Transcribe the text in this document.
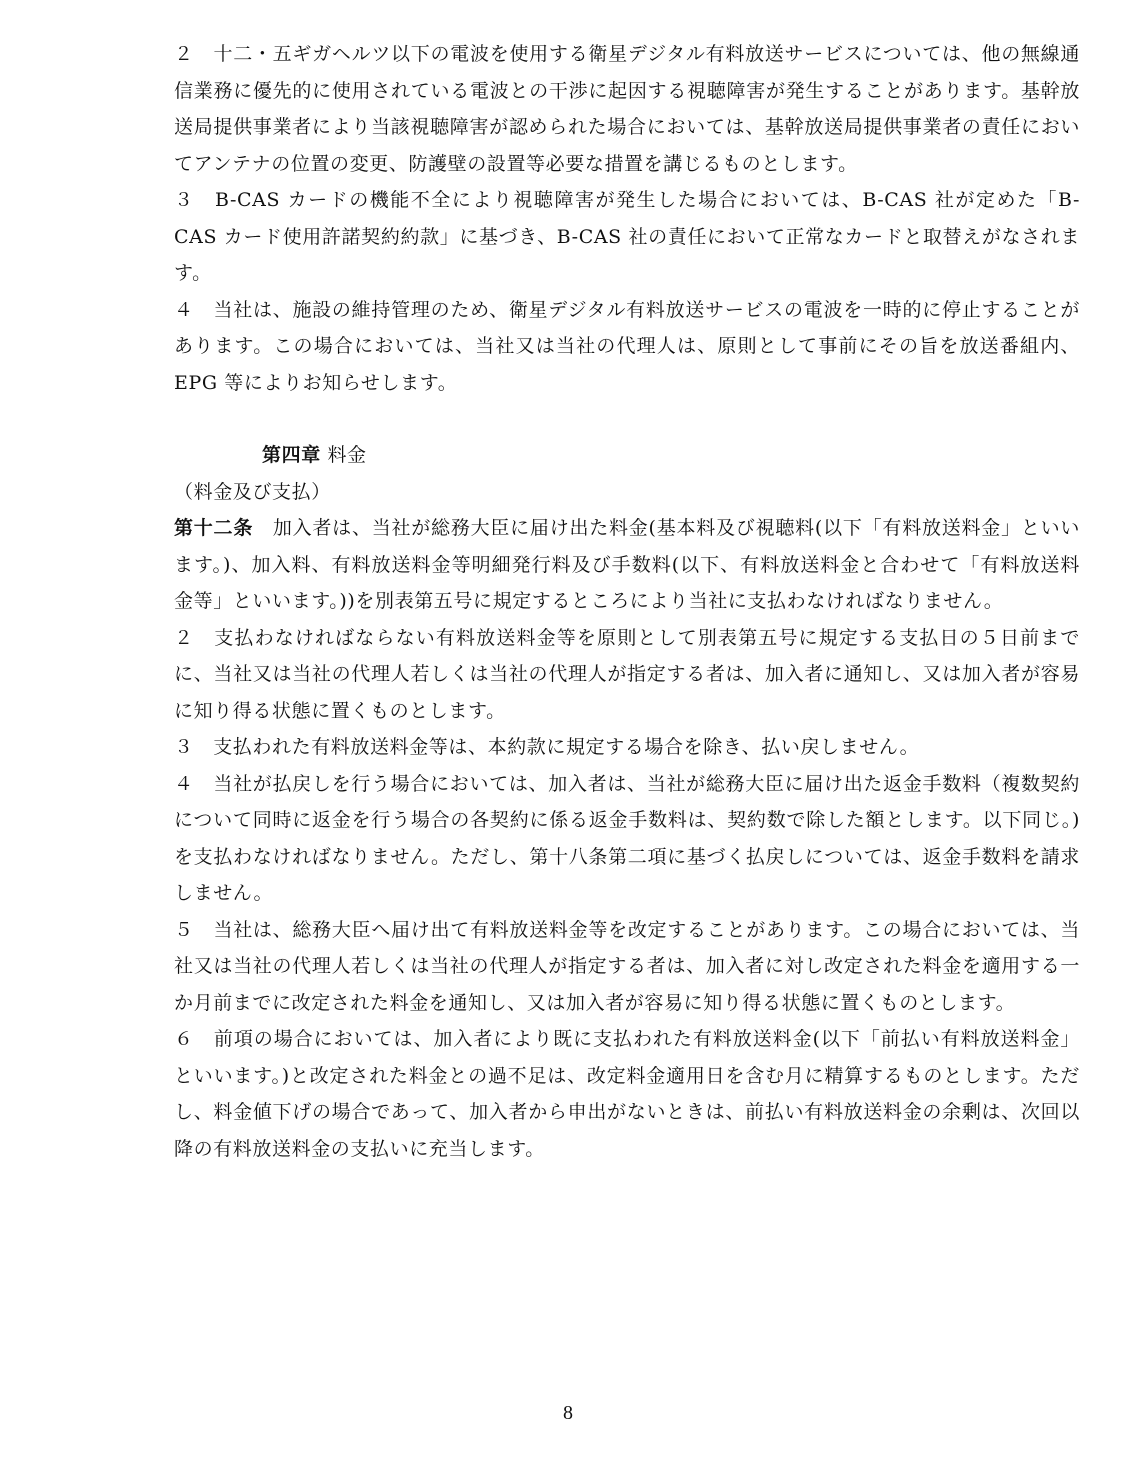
２　十二・五ギガヘルツ以下の電波を使用する衛星デジタル有料放送サービスについては、他の無線通信業務に優先的に使用されている電波との干渉に起因する視聴障害が発生することがあります。基幹放送局提供事業者により当該視聴障害が認められた場合においては、基幹放送局提供事業者の責任においてアンテナの位置の変更、防護壁の設置等必要な措置を講じるものとします。

３　B-CAS カードの機能不全により視聴障害が発生した場合においては、B-CAS 社が定めた「B-CAS カード使用許諾契約約款」に基づき、B-CAS 社の責任において正常なカードと取替えがなされます。

４　当社は、施設の維持管理のため、衛星デジタル有料放送サービスの電波を一時的に停止することがあります。この場合においては、当社又は当社の代理人は、原則として事前にその旨を放送番組内、EPG 等によりお知らせします。

第四章 料金

（料金及び支払）

第十二条　加入者は、当社が総務大臣に届け出た料金(基本料及び視聴料(以下「有料放送料金」といいます。)、加入料、有料放送料金等明細発行料及び手数料(以下、有料放送料金と合わせて「有料放送料金等」といいます。))を別表第五号に規定するところにより当社に支払わなければなりません。

２　支払わなければならない有料放送料金等を原則として別表第五号に規定する支払日の５日前までに、当社又は当社の代理人若しくは当社の代理人が指定する者は、加入者に通知し、又は加入者が容易に知り得る状態に置くものとします。

３　支払われた有料放送料金等は、本約款に規定する場合を除き、払い戻しません。

４　当社が払戻しを行う場合においては、加入者は、当社が総務大臣に届け出た返金手数料（複数契約について同時に返金を行う場合の各契約に係る返金手数料は、契約数で除した額とします。以下同じ。)を支払わなければなりません。ただし、第十八条第二項に基づく払戻しについては、返金手数料を請求しません。

５　当社は、総務大臣へ届け出て有料放送料金等を改定することがあります。この場合においては、当社又は当社の代理人若しくは当社の代理人が指定する者は、加入者に対し改定された料金を適用する一か月前までに改定された料金を通知し、又は加入者が容易に知り得る状態に置くものとします。

６　前項の場合においては、加入者により既に支払われた有料放送料金(以下「前払い有料放送料金」といいます。)と改定された料金との過不足は、改定料金適用日を含む月に精算するものとします。ただし、料金値下げの場合であって、加入者から申出がないときは、前払い有料放送料金の余剰は、次回以降の有料放送料金の支払いに充当します。

8
